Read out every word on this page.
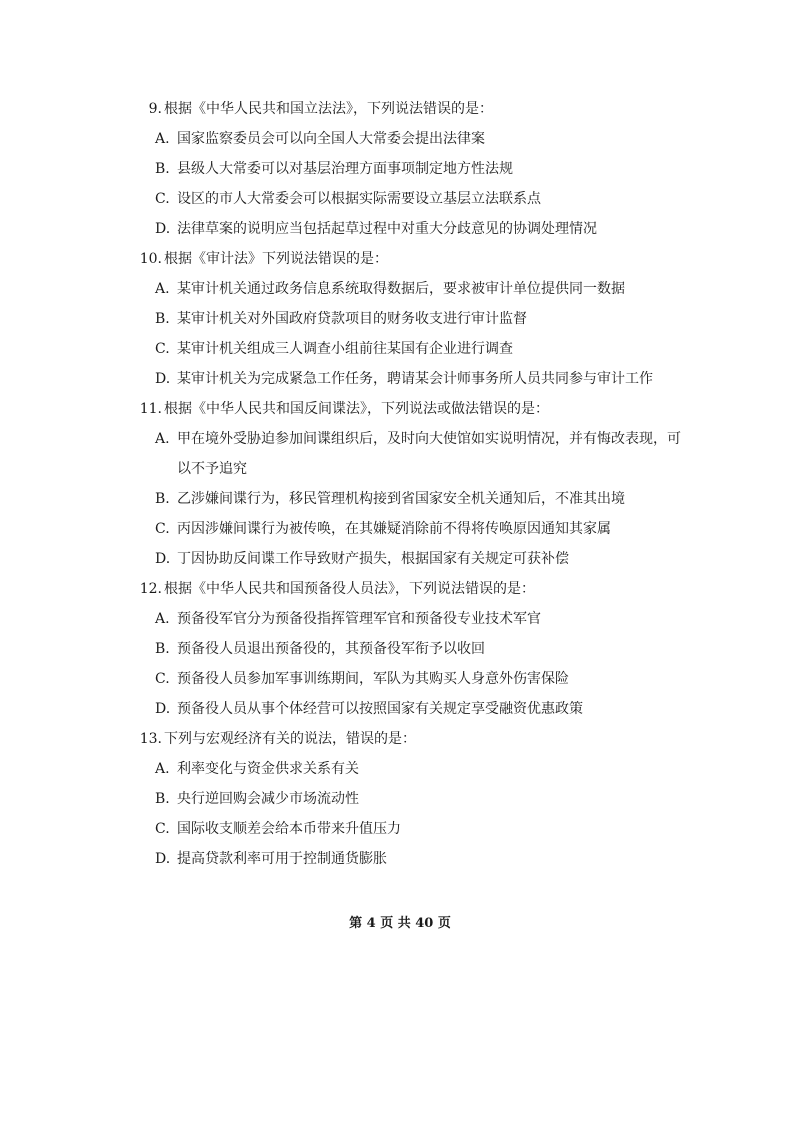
9. 根据《中华人民共和国立法法》，下列说法错误的是：
A. 国家监察委员会可以向全国人大常委会提出法律案
B. 县级人大常委可以对基层治理方面事项制定地方性法规
C. 设区的市人大常委会可以根据实际需要设立基层立法联系点
D. 法律草案的说明应当包括起草过程中对重大分歧意见的协调处理情况
10. 根据《审计法》下列说法错误的是：
A. 某审计机关通过政务信息系统取得数据后，要求被审计单位提供同一数据
B. 某审计机关对外国政府贷款项目的财务收支进行审计监督
C. 某审计机关组成三人调查小组前往某国有企业进行调查
D. 某审计机关为完成紧急工作任务，聘请某会计师事务所人员共同参与审计工作
11. 根据《中华人民共和国反间谍法》，下列说法或做法错误的是：
A. 甲在境外受胁迫参加间谍组织后，及时向大使馆如实说明情况，并有悔改表现，可以不予追究
B. 乙涉嫌间谍行为，移民管理机构接到省国家安全机关通知后，不准其出境
C. 丙因涉嫌间谍行为被传唤，在其嫌疑消除前不得将传唤原因通知其家属
D. 丁因协助反间谍工作导致财产损失，根据国家有关规定可获补偿
12. 根据《中华人民共和国预备役人员法》，下列说法错误的是：
A. 预备役军官分为预备役指挥管理军官和预备役专业技术军官
B. 预备役人员退出预备役的，其预备役军衔予以收回
C. 预备役人员参加军事训练期间，军队为其购买人身意外伤害保险
D. 预备役人员从事个体经营可以按照国家有关规定享受融资优惠政策
13. 下列与宏观经济有关的说法，错误的是：
A. 利率变化与资金供求关系有关
B. 央行逆回购会减少市场流动性
C. 国际收支顺差会给本币带来升值压力
D. 提高贷款利率可用于控制通货膨胀
第 4 页 共 40 页
